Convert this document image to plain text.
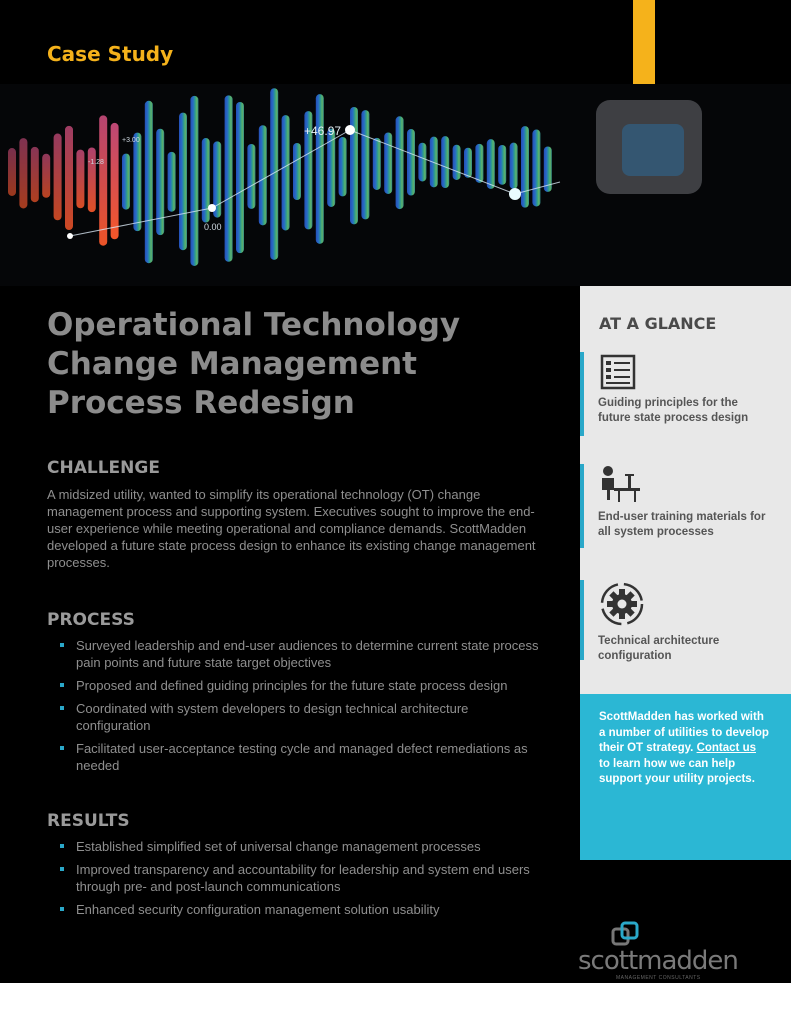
Case Study
+46.97
0.00
+3.00
-1.28
Operational Technology
Change Management
Process Redesign
CHALLENGE

A midsized utility, wanted to simplify its operational technology (OT) change management process and supporting system. Executives sought to improve the end-user experience while meeting operational and compliance demands. ScottMadden developed a future state process design to enhance its existing change management processes.

PROCESS
Surveyed leadership and end-user audiences to determine current state process pain points and future state target objectives
Proposed and defined guiding principles for the future state process design
Coordinated with system developers to design technical architecture configuration
Facilitated user-acceptance testing cycle and managed defect remediations as needed
RESULTS
Established simplified set of universal change management processes
Improved transparency and accountability for leadership and system end users through pre- and post-launch communications
Enhanced security configuration management solution usability
AT A GLANCE
Guiding principles for the future state process design
End-user training materials for all system processes
Technical architecture configuration

ScottMadden has worked with a number of utilities to develop their OT strategy. Contact us to learn how we can help support your utility projects.

scottmadden
MANAGEMENT CONSULTANTS
